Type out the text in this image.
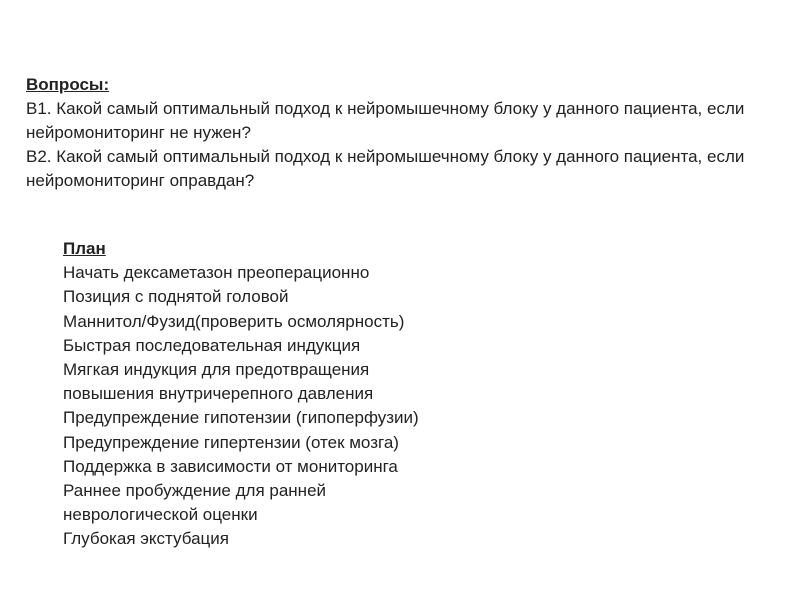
Вопросы:

В1. Какой самый оптимальный подход к нейромышечному блоку у данного пациента, если нейромониторинг не нужен?

В2. Какой самый оптимальный подход к нейромышечному блоку у данного пациента, если нейромониторинг оправдан?

План
Начать дексаметазон преоперационно
Позиция с поднятой головой
Маннитол/Фузид(проверить осмолярность)
Быстрая последовательная индукция
Мягкая индукция для предотвращения
повышения внутричерепного давления
Предупреждение гипотензии (гипоперфузии)
Предупреждение гипертензии (отек мозга)
Поддержка в зависимости от мониторинга
Раннее пробуждение для ранней
неврологической оценки
Глубокая экстубация
